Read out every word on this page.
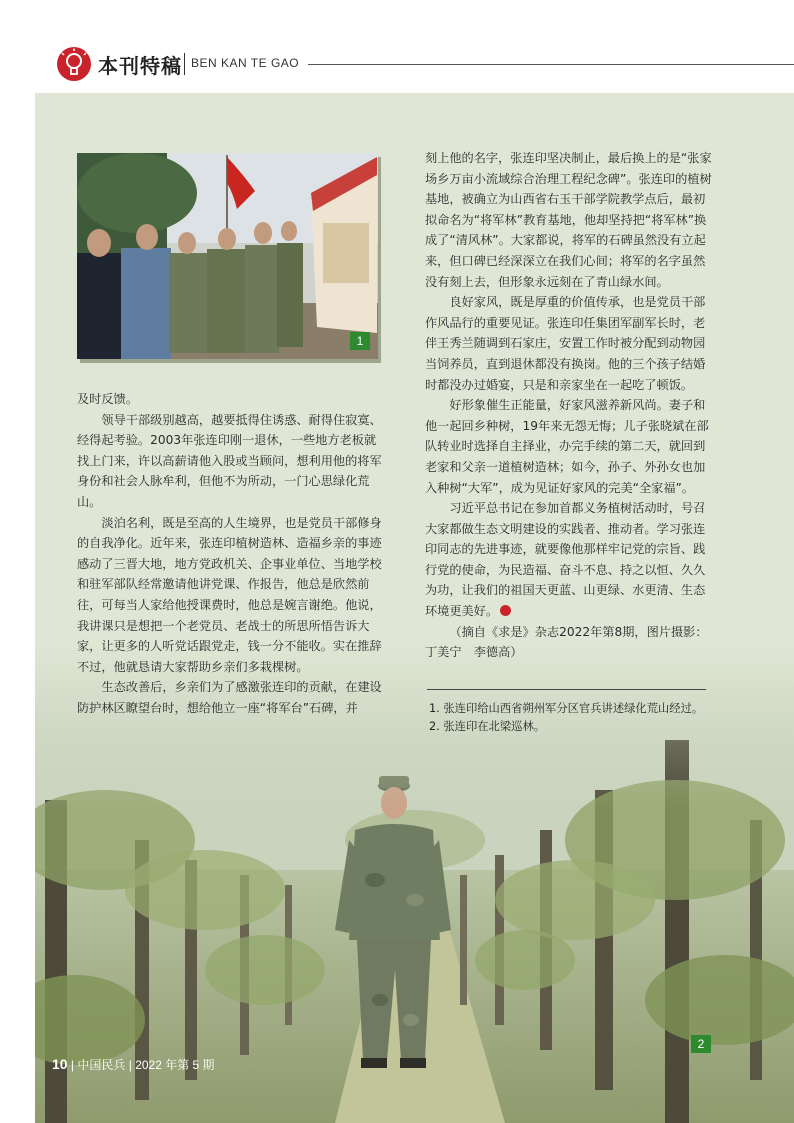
本刊特稿 BEN KAN TE GAO
1

及时反馈。

领导干部级别越高，越要抵得住诱惑、耐得住寂寞、经得起考验。2003年张连印刚一退休，一些地方老板就找上门来，许以高薪请他入股或当顾问，想利用他的将军身份和社会人脉牟利，但他不为所动，一门心思绿化荒山。

淡泊名利，既是至高的人生境界，也是党员干部修身的自我净化。近年来，张连印植树造林、造福乡亲的事迹感动了三晋大地，地方党政机关、企事业单位、当地学校和驻军部队经常邀请他讲党课、作报告，他总是欣然前往，可每当人家给他授课费时，他总是婉言谢绝。他说，我讲课只是想把一个老党员、老战士的所思所悟告诉大家，让更多的人听党话跟党走，钱一分不能收。实在推辞不过，他就恳请大家帮助乡亲们多栽棵树。

生态改善后，乡亲们为了感激张连印的贡献，在建设防护林区瞭望台时，想给他立一座“将军台”石碑，并

刻上他的名字，张连印坚决制止，最后换上的是“张家场乡万亩小流域综合治理工程纪念碑”。张连印的植树基地，被确立为山西省右玉干部学院教学点后，最初拟命名为“将军林”教育基地，他却坚持把“将军林”换成了“清风林”。大家都说，将军的石碑虽然没有立起来，但口碑已经深深立在我们心间；将军的名字虽然没有刻上去，但形象永远刻在了青山绿水间。

良好家风，既是厚重的价值传承，也是党员干部作风品行的重要见证。张连印任集团军副军长时，老伴王秀兰随调到石家庄，安置工作时被分配到动物园当饲养员，直到退休都没有换岗。他的三个孩子结婚时都没办过婚宴，只是和亲家坐在一起吃了顿饭。

好形象催生正能量，好家风滋养新风尚。妻子和他一起回乡种树，19年来无怨无悔；儿子张晓斌在部队转业时选择自主择业，办完手续的第二天，就回到老家和父亲一道植树造林；如今，孙子、外孙女也加入种树“大军”，成为见证好家风的完美“全家福”。

习近平总书记在参加首都义务植树活动时，号召大家都做生态文明建设的实践者、推动者。学习张连印同志的先进事迹，就要像他那样牢记党的宗旨、践行党的使命，为民造福、奋斗不息、持之以恒、久久为功，让我们的祖国天更蓝、山更绿、水更清、生态环境更美好。

（摘自《求是》杂志2022年第8期，图片摄影：丁美宁　李德高）

1. 张连印给山西省朔州军分区官兵讲述绿化荒山经过。

2. 张连印在北梁巡林。

2
10 | 中国民兵 | 2022 年第 5 期
